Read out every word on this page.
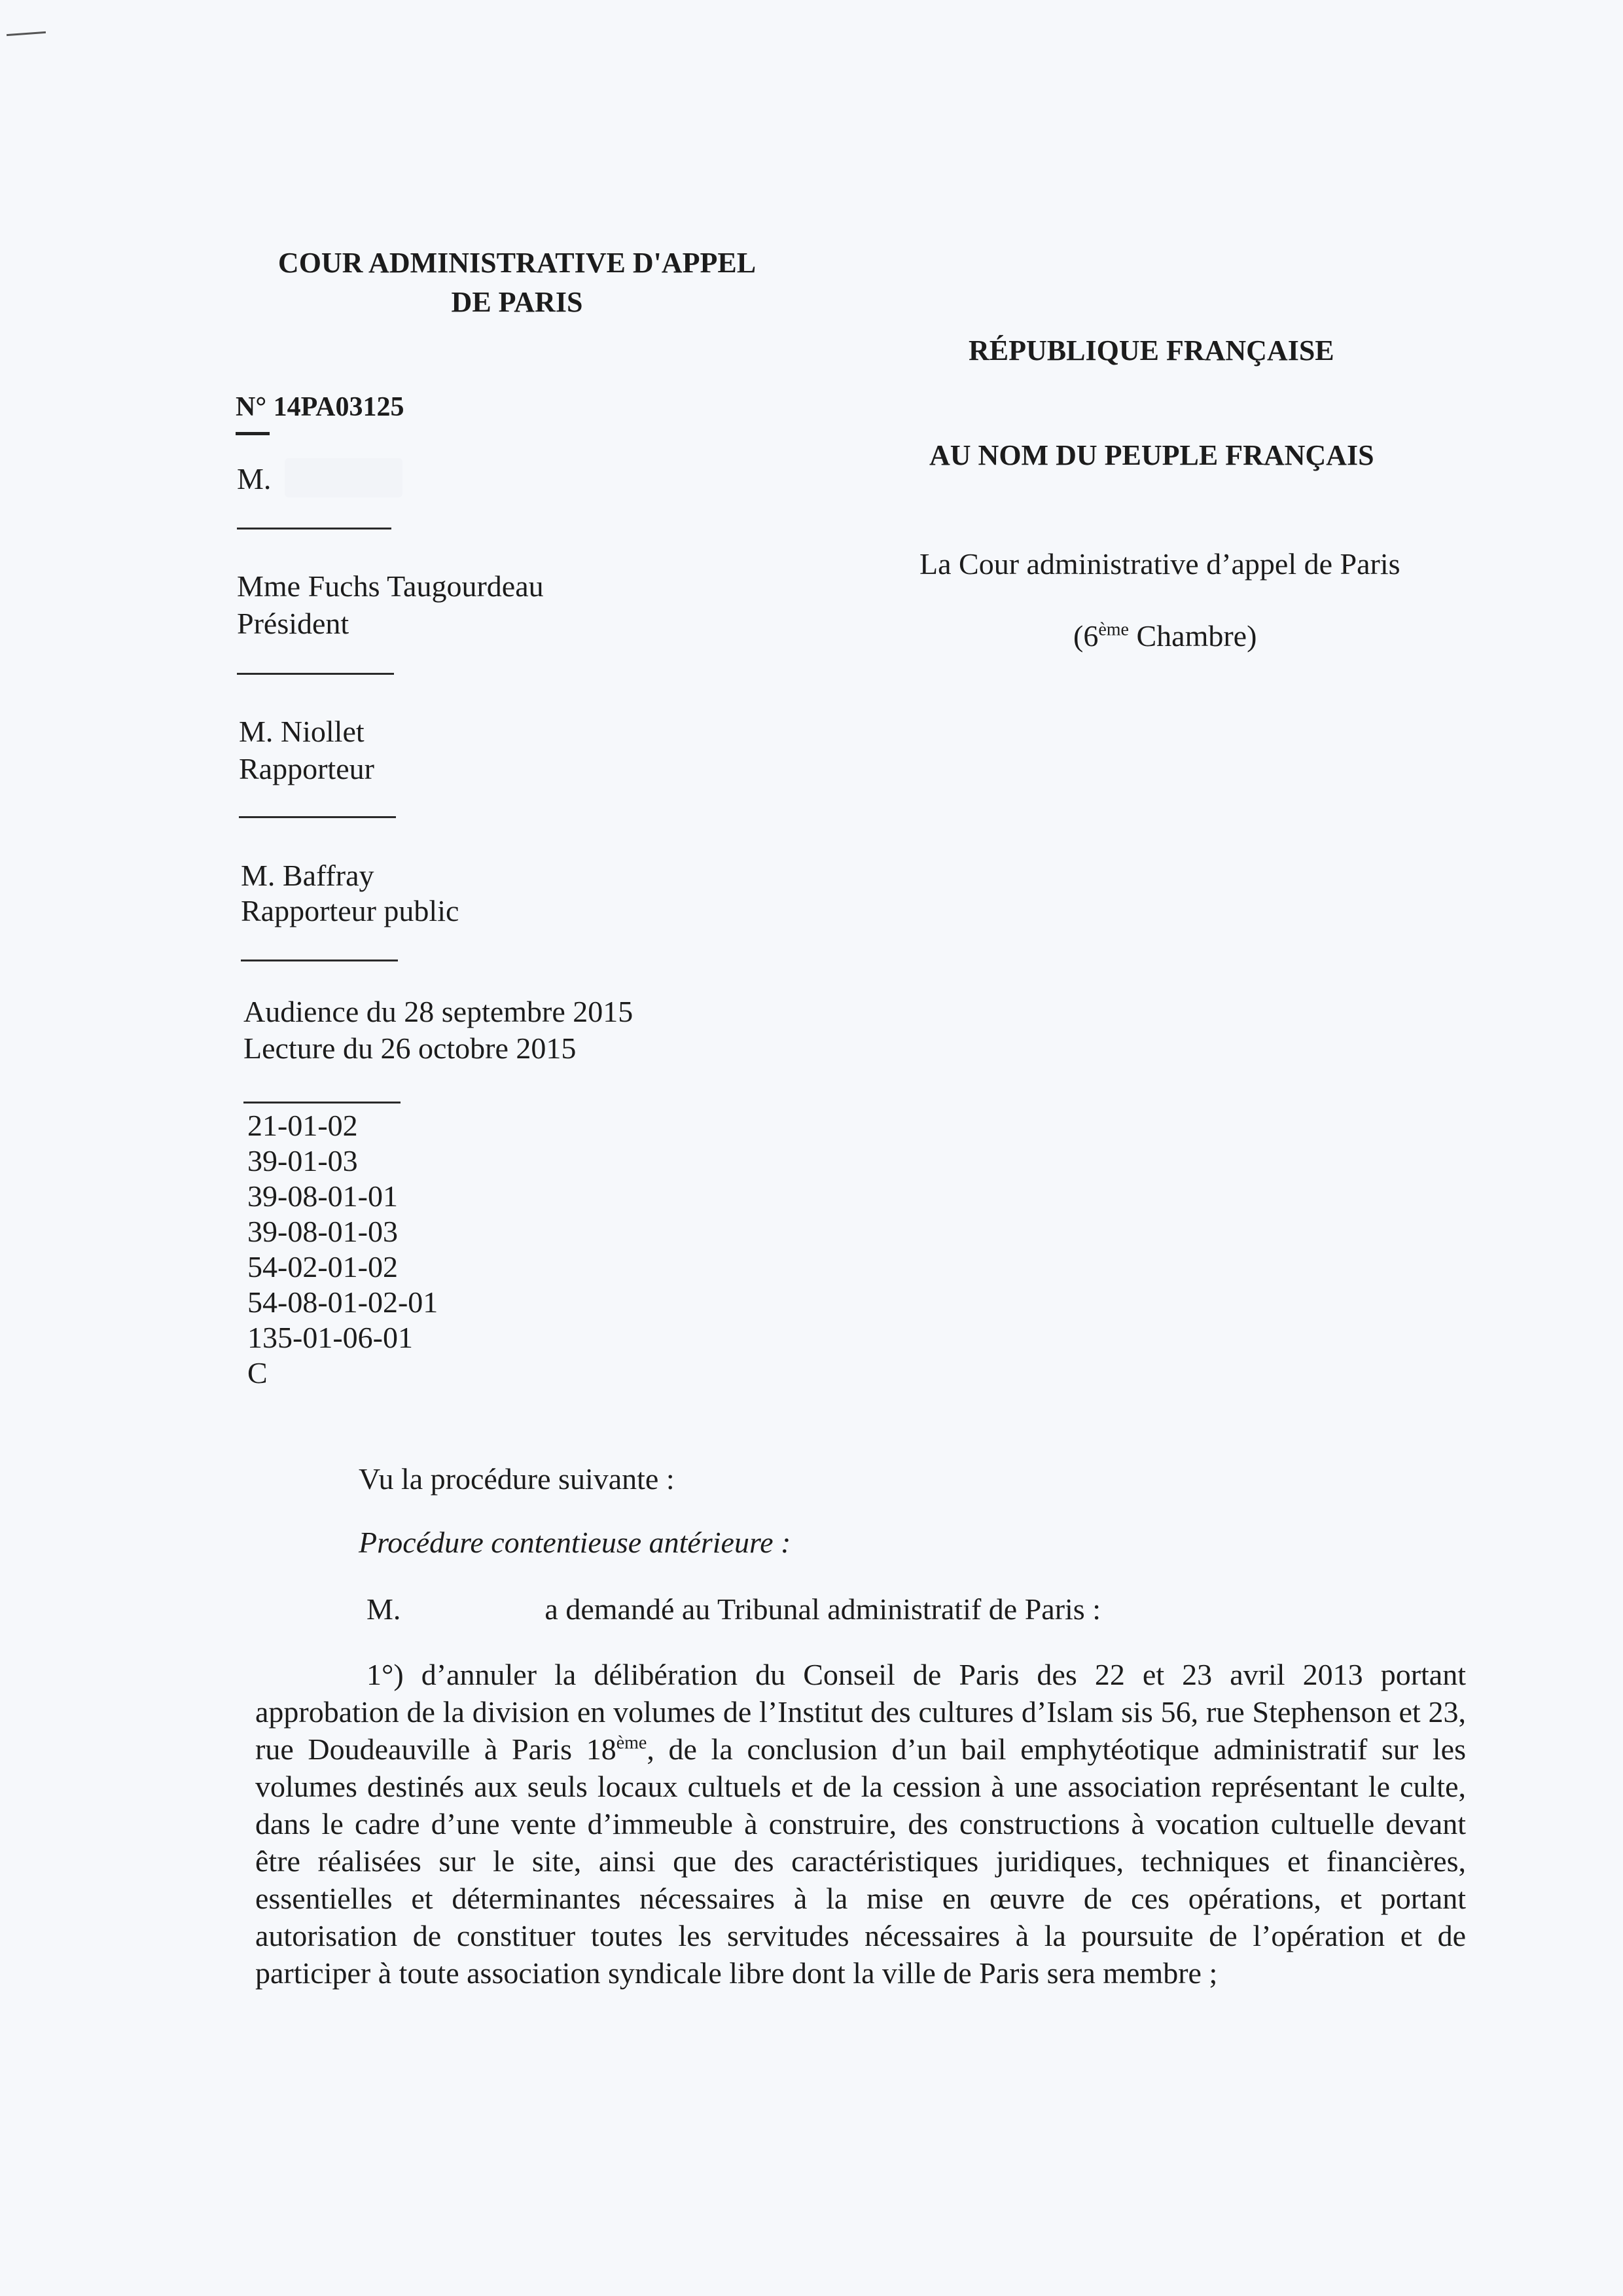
COUR ADMINISTRATIVE D'APPEL
DE PARIS
RÉPUBLIQUE FRANÇAISE
AU NOM DU PEUPLE FRANÇAIS
La Cour administrative d’appel de Paris
(6ème Chambre)
N° 14PA03125
M.
Mme Fuchs Taugourdeau
Président
M. Niollet
Rapporteur
M. Baffray
Rapporteur public
Audience du 28 septembre 2015
Lecture du 26 octobre 2015
21-01-02
39-01-03
39-08-01-01
39-08-01-03
54-02-01-02
54-08-01-02-01
135-01-06-01
C
Vu la procédure suivante :
Procédure contentieuse antérieure :
M.	a demandé au Tribunal administratif de Paris :
1°) d’annuler la délibération du Conseil de Paris des 22 et 23 avril 2013 portant approbation de la division en volumes de l’Institut des cultures d’Islam sis 56, rue Stephenson et 23, rue Doudeauville à Paris 18ème, de la conclusion d’un bail emphytéotique administratif sur les volumes destinés aux seuls locaux cultuels et de la cession à une association représentant le culte, dans le cadre d’une vente d’immeuble à construire, des constructions à vocation cultuelle devant être réalisées sur le site, ainsi que des caractéristiques juridiques, techniques et financières, essentielles et déterminantes nécessaires à la mise en œuvre de ces opérations, et portant autorisation de constituer toutes les servitudes nécessaires à la poursuite de l’opération et de participer à toute association syndicale libre dont la ville de Paris sera membre ;
